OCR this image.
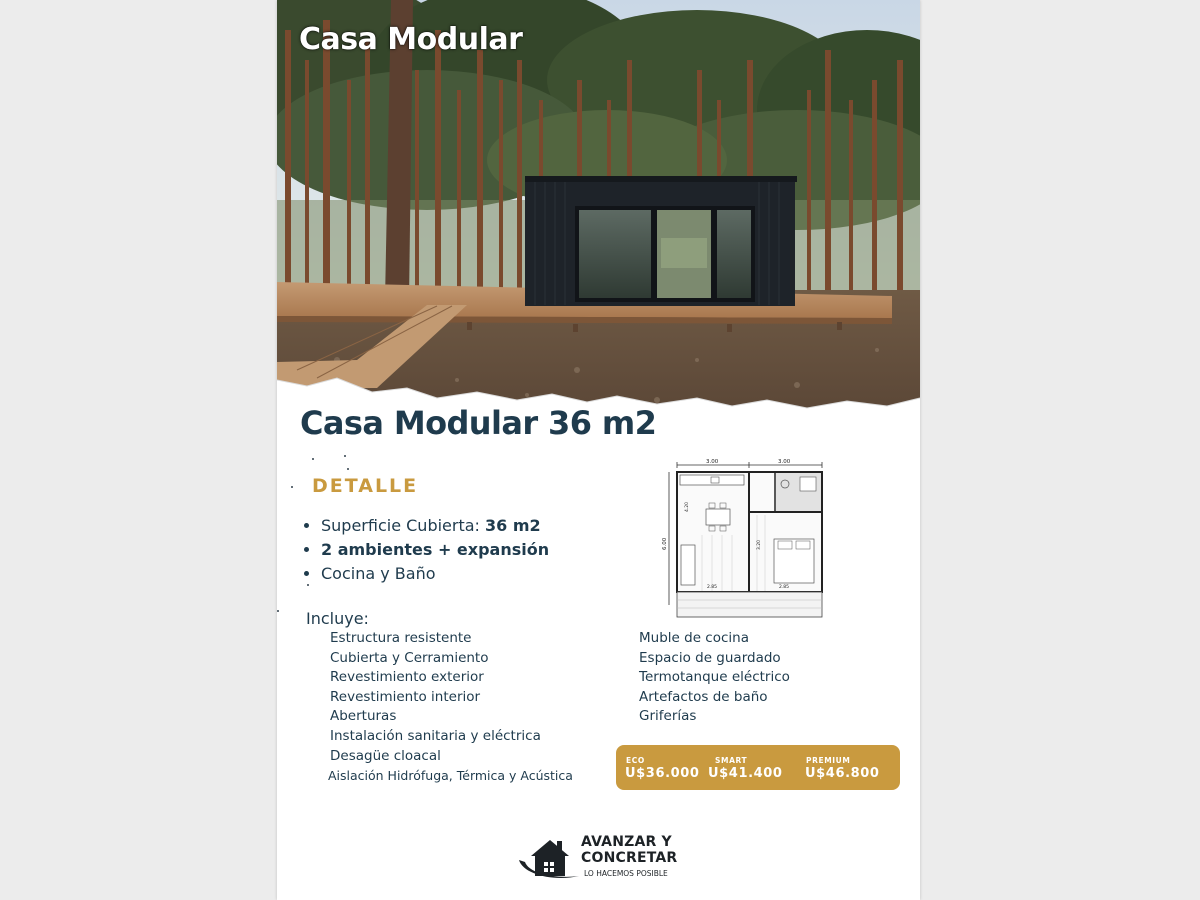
Casa Modular
Casa Modular 36 m2
DETALLE
Superficie Cubierta: 36 m2
2 ambientes + expansión
Cocina y Baño
3.00	3.00
6.00
4.20
3.20
2.85	2.85
Incluye:
Estructura resistente
Cubierta y Cerramiento
Revestimiento exterior
Revestimiento interior
Aberturas
Instalación sanitaria y eléctrica
Desagüe cloacal
Aislación Hidrófuga, Térmica y Acústica
Muble de cocina
Espacio de guardado
Termotanque eléctrico
Artefactos de baño
Griferías
ECO
U$36.000
SMART
U$41.400
PREMIUM
U$46.800
AVANZAR Y
CONCRETAR
LO HACEMOS POSIBLE
